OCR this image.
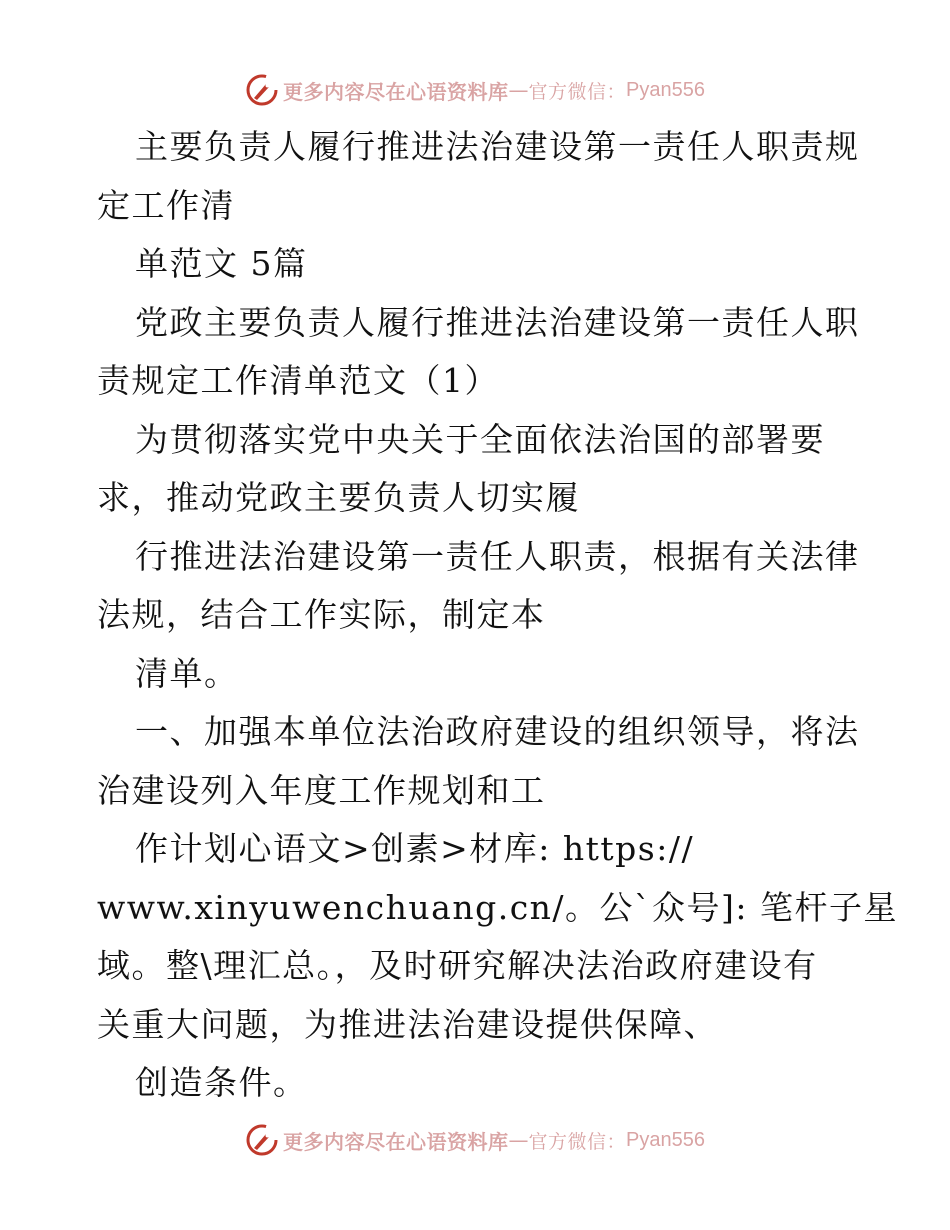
更多内容尽在心语资料库 — 官方微信： Pyan556
主要负责人履行推进法治建设第一责任人职责规
定工作清
单范文 5篇
党政主要负责人履行推进法治建设第一责任人职
责规定工作清单范文（1）
为贯彻落实党中央关于全面依法治国的部署要
求，推动党政主要负责人切实履
行推进法治建设第一责任人职责，根据有关法律
法规，结合工作实际，制定本
清单。
一、加强本单位法治政府建设的组织领导，将法
治建设列入年度工作规划和工
作计划心语文>创素>材库: https://
www.xinyuwenchuang.cn/。公`众号]: 笔杆子星
域。整\理汇总。，及时研究解决法治政府建设有
关重大问题，为推进法治建设提供保障、
创造条件。
更多内容尽在心语资料库 — 官方微信： Pyan556
